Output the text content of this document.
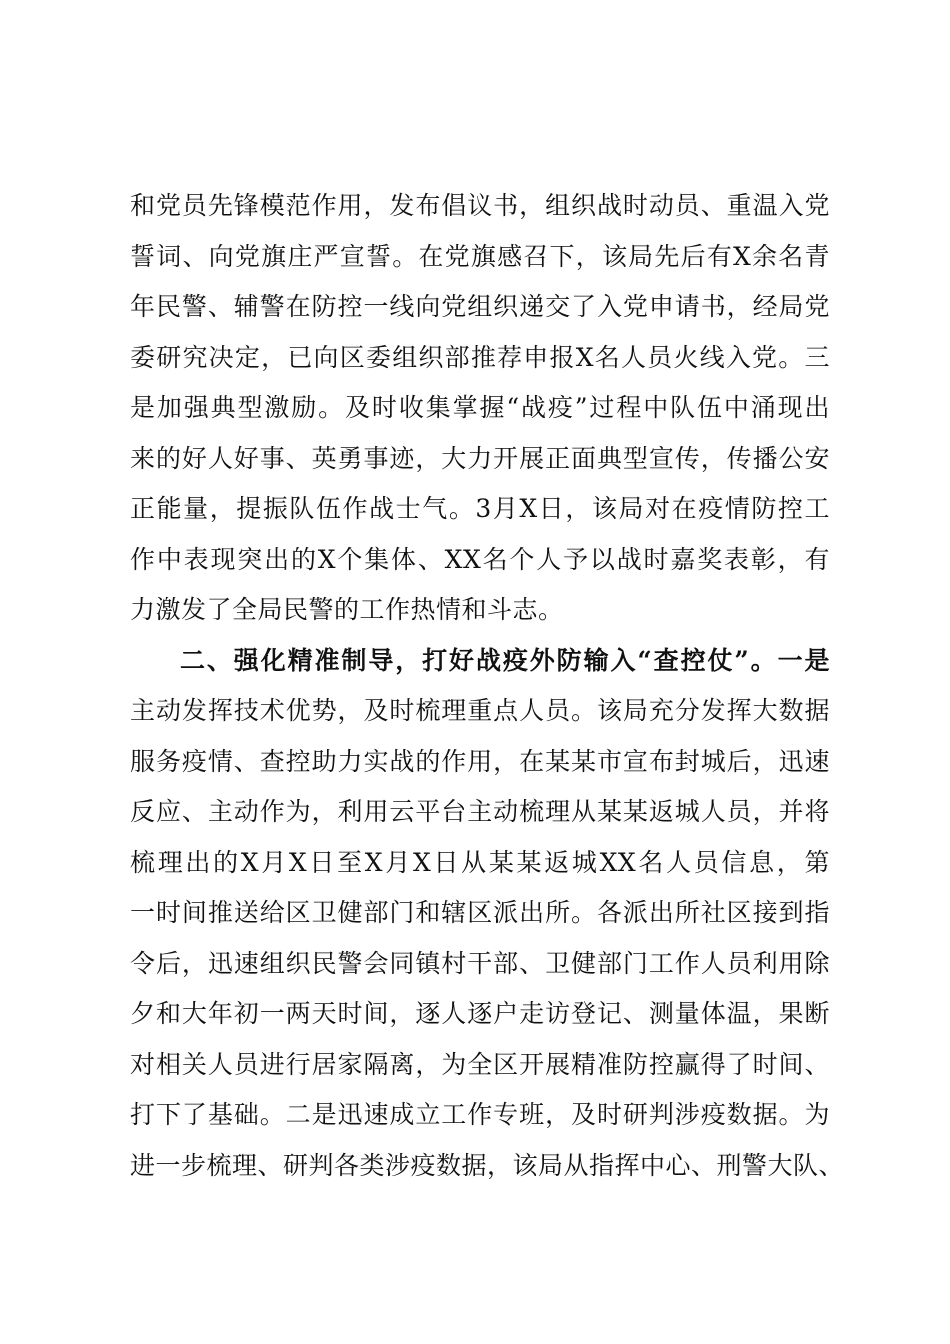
和党员先锋模范作用，发布倡议书，组织战时动员、重温入党
誓词、向党旗庄严宣誓。在党旗感召下，该局先后有X余名青
年民警、辅警在防控一线向党组织递交了入党申请书，经局党
委研究决定，已向区委组织部推荐申报X名人员火线入党。三
是加强典型激励。及时收集掌握“战疫”过程中队伍中涌现出
来的好人好事、英勇事迹，大力开展正面典型宣传，传播公安
正能量，提振队伍作战士气。3月X日，该局对在疫情防控工
作中表现突出的X个集体、XX名个人予以战时嘉奖表彰，有
力激发了全局民警的工作热情和斗志。
二、强化精准制导，打好战疫外防输入“查控仗”。一是
主动发挥技术优势，及时梳理重点人员。该局充分发挥大数据
服务疫情、查控助力实战的作用，在某某市宣布封城后，迅速
反应、主动作为，利用云平台主动梳理从某某返城人员，并将
梳理出的X月X日至X月X日从某某返城XX名人员信息，第
一时间推送给区卫健部门和辖区派出所。各派出所社区接到指
令后，迅速组织民警会同镇村干部、卫健部门工作人员利用除
夕和大年初一两天时间，逐人逐户走访登记、测量体温，果断
对相关人员进行居家隔离，为全区开展精准防控赢得了时间、
打下了基础。二是迅速成立工作专班，及时研判涉疫数据。为
进一步梳理、研判各类涉疫数据，该局从指挥中心、刑警大队、
